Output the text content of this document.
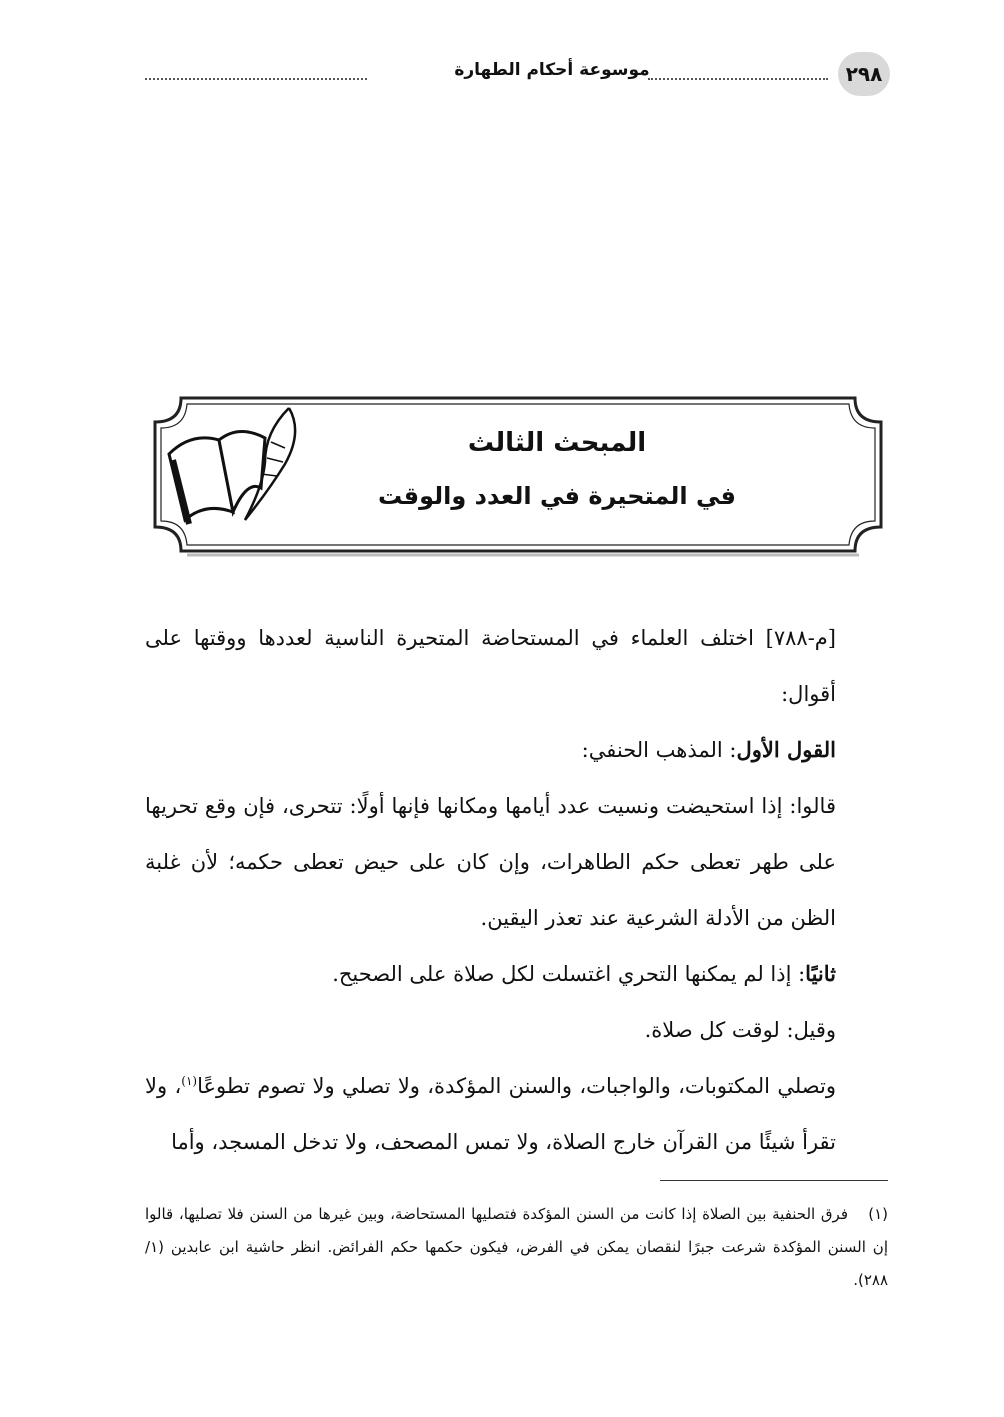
٢٩٨
موسوعة أحكام الطهارة
المبحث الثالث
في المتحيرة في العدد والوقت

[م-٧٨٨] اختلف العلماء في المستحاضة المتحيرة الناسية لعددها ووقتها على أقوال:

القول الأول: المذهب الحنفي:

قالوا: إذا استحيضت ونسيت عدد أيامها ومكانها فإنها أولًا: تتحرى، فإن وقع تحريها على طهر تعطى حكم الطاهرات، وإن كان على حيض تعطى حكمه؛ لأن غلبة الظن من الأدلة الشرعية عند تعذر اليقين.

ثانيًا: إذا لم يمكنها التحري اغتسلت لكل صلاة على الصحيح.

وقيل: لوقت كل صلاة.

وتصلي المكتوبات، والواجبات، والسنن المؤكدة، ولا تصلي ولا تصوم تطوعًا$^{(١)}$، ولا تقرأ شيئًا من القرآن خارج الصلاة، ولا تمس المصحف، ولا تدخل المسجد، وأما

(١)فرق الحنفية بين الصلاة إذا كانت من السنن المؤكدة فتصليها المستحاضة، وبين غيرها من السنن فلا تصليها، قالوا إن السنن المؤكدة شرعت جبرًا لنقصان يمكن في الفرض، فيكون حكمها حكم الفرائض. انظر حاشية ابن عابدين (١/ ٢٨٨).
